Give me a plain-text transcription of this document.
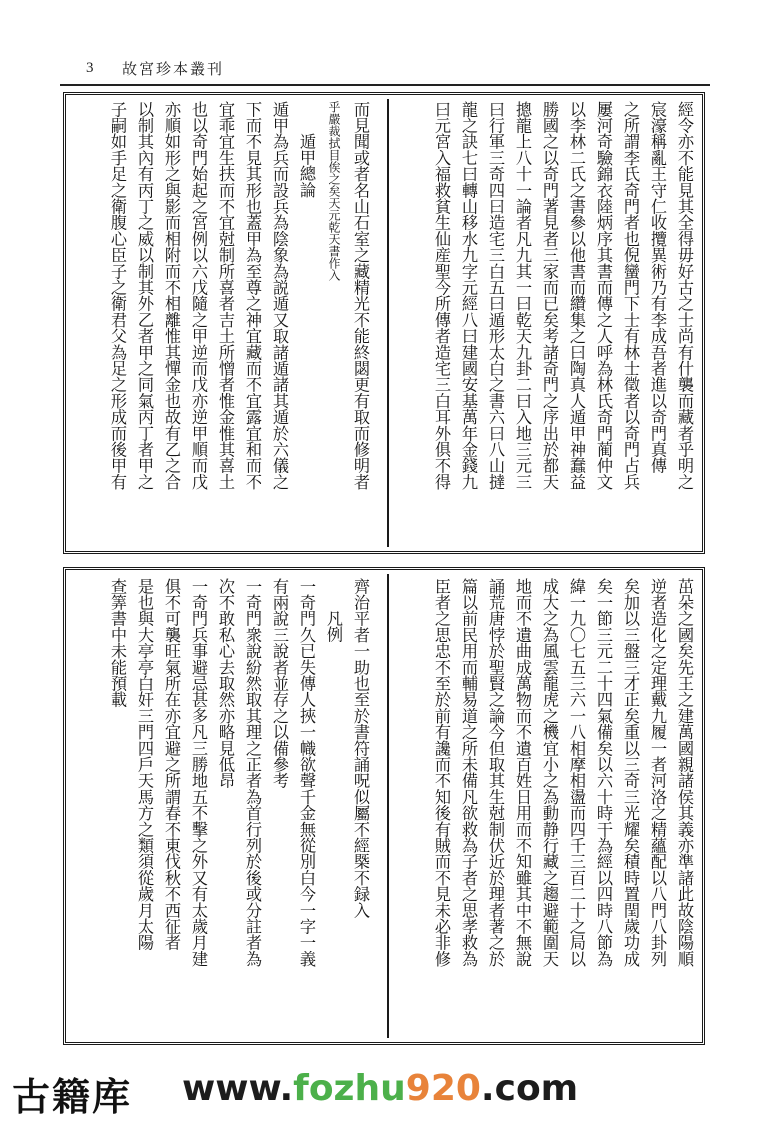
3 故宮珍本叢刊
經令亦不能見其全得毋好古之士尚有什襲而藏者乎明之
宸濠稱亂王守仁收攬異術乃有李成吾者進以奇門真傳
之所謂李氏奇門者也倪蠻門下士有林士徵者以奇門占兵
屢河奇驗錦衣陸炳序其書而傳之人呼為林氏奇門蔺仲文
以李林二氏之書參以他書而纘集之曰陶真人遁甲神蠢益
勝國之以奇門著見者三家而已矣考諸奇門之序出於都天
摠龍上八十一論者凡九其一曰乾天九卦二曰入地三元三
曰行軍三奇四曰造宅三白五曰遁形太白之書六曰八山撻
龍之訣七曰轉山移水九字元經八曰建國安基萬年金錢九
曰元宮入福救貧生仙産聖今所傳者造宅三白耳外俱不得
而見聞或者名山石室之藏精光不能終閟更有取而修明者
乎嚴裁拭目俟之矣天元乾天書作入
遁甲總論
遁甲為兵而設兵為陰象為説遁又取諸遁諸其遁於六儀之
下而不見其形也蓋甲為至尊之神宜藏而不宜露宜和而不
宜乖宜生扶而不宜尅制所喜者吉土所憎者惟金惟其喜土
也以奇門始起之宮例以六戊隨之甲逆而戊亦逆甲順而戊
亦順如形之與影而相附而不相離惟其憚金也故有乙之合
以制其內有丙丁之威以制其外乙者甲之同氣丙丁者甲之
子嗣如手足之衛腹心臣子之衛君父為足之形成而後甲有
茁朵之國矣先王之建萬國親諸侯其義亦準諸此故陰陽順
逆者造化之定理戴九履一者河洛之精蘊配以八門八卦列
矣加以三盤三才正矣重以三奇三光耀矣積時置閏歲功成
矣一節三元二十四氣備矣以六十時干為經以四時八節為
緯一九〇七五三六一八相摩相盪而四千三百二十之局以
成大之為風雲龍虎之機宜小之為動静行藏之趨避範圍天
地而不遺曲成萬物而不遺百姓日用而不知雖其中不無說
誦荒唐悖於聖賢之論今但取其生尅制伏近於理者著之於
篇以前民用而輔易道之所未備凡欲救為子者之思孝救為
臣者之思忠不至於前有讒而不知後有賊而不見未必非修
齊治平者一助也至於書符誦呪似屬不經槩不録入
凡例
一奇門久已失傳人挾一幟欲聲千金無從別白今一字一義
有兩說三說者並存之以備參考
一奇門衆說紛然取其理之正者為首行列於後或分註者為
次不敢私心去取然亦略見低昂
一奇門兵事避忌甚多凡三勝地五不擊之外又有太歲月建
俱不可襲旺氣所在亦宜避之所謂春不東伐秋不西征者
是也與大亭亭白奸三門四戶天馬方之類須從歲月太陽
查筭書中未能預載
古籍库 www.fozhu920.com
